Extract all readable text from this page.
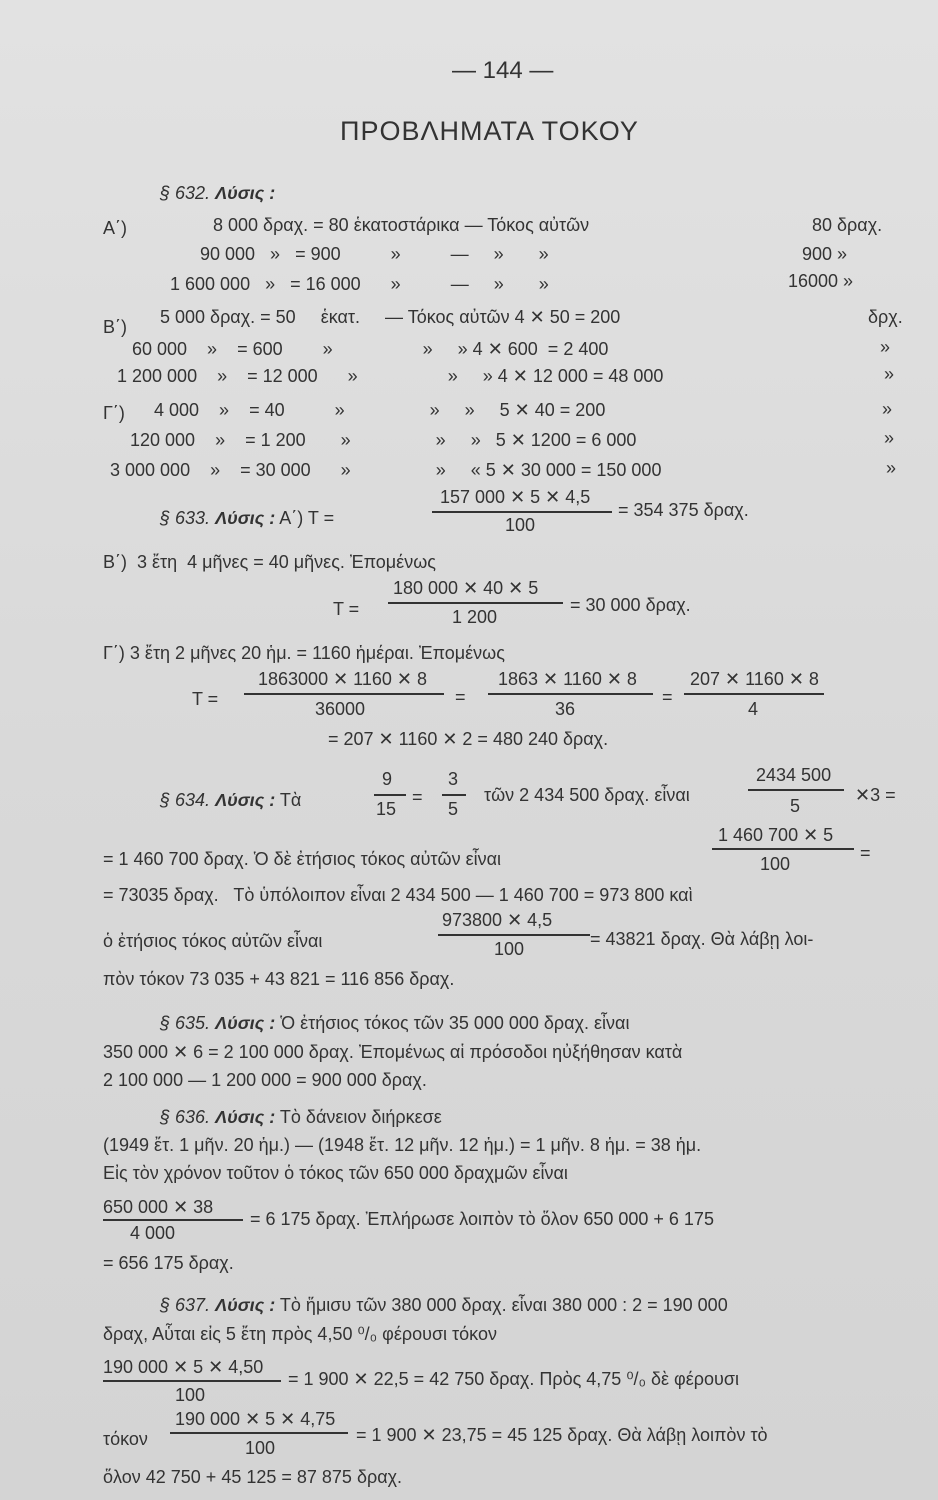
— 144 —
ΠΡΟΒΛΗΜΑΤΑ ΤΟΚΟΥ
§ 632. Λύσις :
Α΄)	8 000 δραχ. = 80 ἑκατοστάρικα — Τόκος αὐτῶν	80 δραχ.
90 000   »   = 900          »          —     »       »	900 »
1 600 000   »   = 16 000      »          —     »       »	16000 »
Β΄) 5 000 δραχ. = 50     ἑκατ.     — Τόκος αὐτῶν 4 ✕ 50 = 200	δρχ.
60 000    »    = 600        »                  »     » 4 ✕ 600  = 2 400	»
1 200 000    »    = 12 000      »                  »     » 4 ✕ 12 000 = 48 000	»
Γ΄) 4 000    »    = 40          »                 »     »     5 ✕ 40 = 200	»
120 000    »    = 1 200       »                 »     »   5 ✕ 1200 = 6 000	»
3 000 000    »    = 30 000      »                 »     « 5 ✕ 30 000 = 150 000	»
§ 633. Λύσις : Α΄) Τ =
157 000 ✕ 5 ✕ 4,5
100
= 354 375 δραχ.
Β΄)  3 ἔτη  4 μῆνες = 40 μῆνες. Ἐπομένως
Τ =
180 000 ✕ 40 ✕ 5
1 200
= 30 000 δραχ.
Γ΄) 3 ἔτη 2 μῆνες 20 ἡμ. = 1160 ἡμέραι. Ἐπομένως
Τ =
1863000 ✕ 1160 ✕ 8
36000
=
1863 ✕ 1160 ✕ 8
36
=
207 ✕ 1160 ✕ 8
4
= 207 ✕ 1160 ✕ 2 = 480 240 δραχ.
§ 634. Λύσις : Τὰ
9
15
=
3
5
τῶν 2 434 500 δραχ. εἶναι
2434 500
5
✕3 =
= 1 460 700 δραχ. Ὁ δὲ ἐτήσιος τόκος αὐτῶν εἶναι
1 460 700 ✕ 5
100
=
= 73035 δραχ.   Τὸ ὑπόλοιπον εἶναι 2 434 500 — 1 460 700 = 973 800 καὶ
ὁ ἐτήσιος τόκος αὐτῶν εἶναι
973800 ✕ 4,5
100	= 43821 δραχ. Θὰ λάβῃ λοι-
πὸν τόκον 73 035 + 43 821 = 116 856 δραχ.
§ 635. Λύσις : Ὁ ἐτήσιος τόκος τῶν 35 000 000 δραχ. εἶναι
350 000 ✕ 6 = 2 100 000 δραχ. Ἐπομένως αἱ πρόσοδοι ηὐξήθησαν κατὰ
2 100 000 — 1 200 000 = 900 000 δραχ.
§ 636. Λύσις : Τὸ δάνειον διήρκεσε
(1949 ἔτ. 1 μῆν. 20 ἡμ.) — (1948 ἔτ. 12 μῆν. 12 ἡμ.) = 1 μῆν. 8 ἡμ. = 38 ἡμ.
Εἰς τὸν χρόνον τοῦτον ὁ τόκος τῶν 650 000 δραχμῶν εἶναι
650 000 ✕ 38
4 000
= 6 175 δραχ. Ἐπλήρωσε λοιπὸν τὸ ὅλον 650 000 + 6 175
= 656 175 δραχ.
§ 637. Λύσις : Τὸ ἥμισυ τῶν 380 000 δραχ. εἶναι 380 000 : 2 = 190 000
δραχ, Αὗται εἰς 5 ἔτη πρὸς 4,50 ⁰/₀ φέρουσι τόκον
190 000 ✕ 5 ✕ 4,50
100
= 1 900 ✕ 22,5 = 42 750 δραχ. Πρὸς 4,75 ⁰/₀ δὲ φέρουσι
τόκον
190 000 ✕ 5 ✕ 4,75
100
= 1 900 ✕ 23,75 = 45 125 δραχ. Θὰ λάβῃ λοιπὸν τὸ
ὅλον 42 750 + 45 125 = 87 875 δραχ.
